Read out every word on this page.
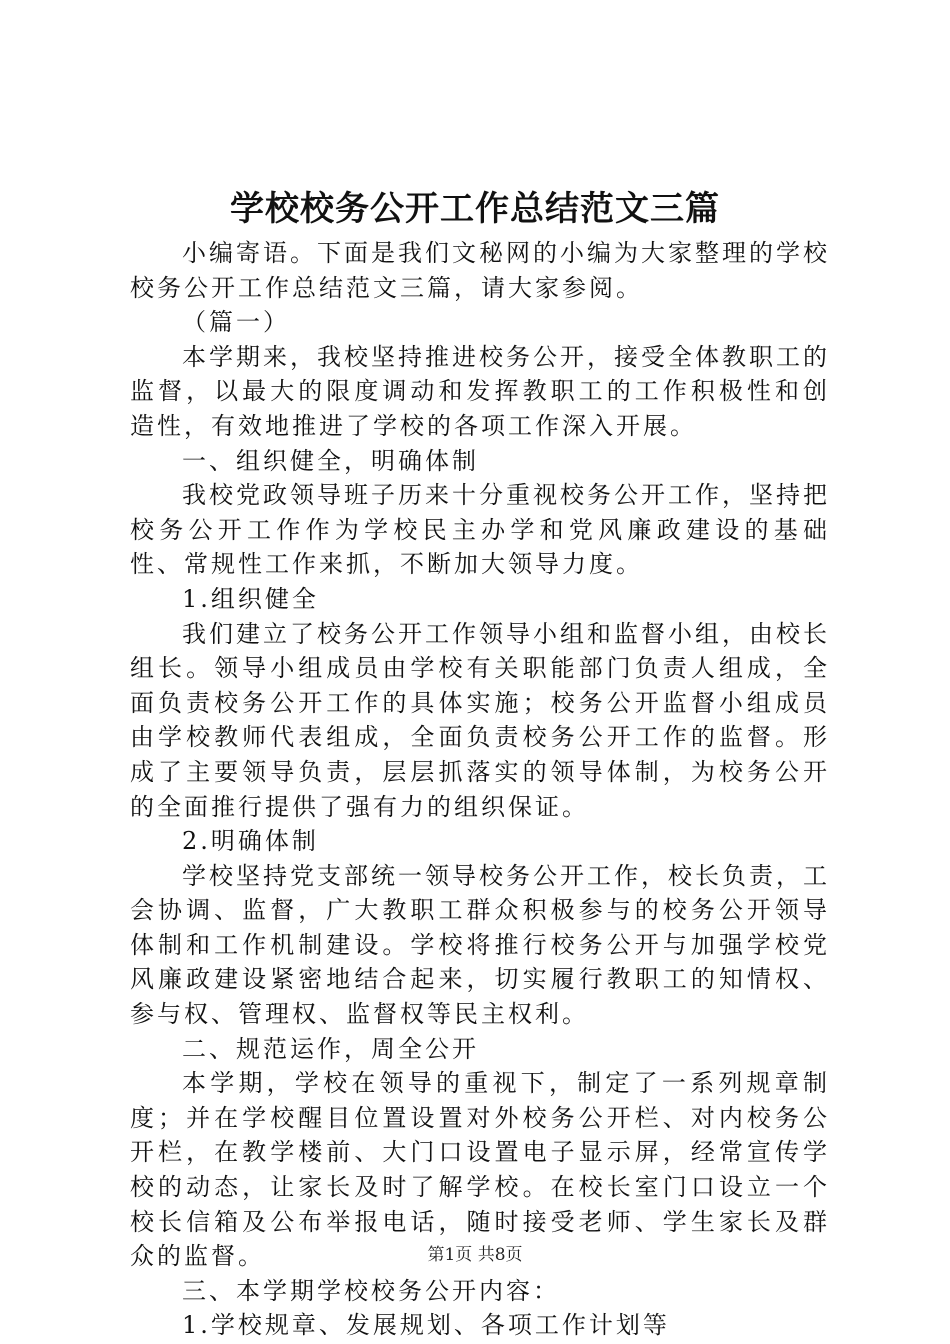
学校校务公开工作总结范文三篇

小编寄语。下面是我们文秘网的小编为大家整理的学校校务公开工作总结范文三篇，请大家参阅。

（篇一）

本学期来，我校坚持推进校务公开，接受全体教职工的监督，以最大的限度调动和发挥教职工的工作积极性和创造性，有效地推进了学校的各项工作深入开展。

一、组织健全，明确体制

我校党政领导班子历来十分重视校务公开工作，坚持把校务公开工作作为学校民主办学和党风廉政建设的基础性、常规性工作来抓，不断加大领导力度。

1.组织健全

我们建立了校务公开工作领导小组和监督小组，由校长组长。领导小组成员由学校有关职能部门负责人组成，全面负责校务公开工作的具体实施；校务公开监督小组成员由学校教师代表组成，全面负责校务公开工作的监督。形成了主要领导负责，层层抓落实的领导体制，为校务公开的全面推行提供了强有力的组织保证。

2.明确体制

学校坚持党支部统一领导校务公开工作，校长负责，工会协调、监督，广大教职工群众积极参与的校务公开领导体制和工作机制建设。学校将推行校务公开与加强学校党风廉政建设紧密地结合起来，切实履行教职工的知情权、参与权、管理权、监督权等民主权利。

二、规范运作，周全公开

本学期，学校在领导的重视下，制定了一系列规章制度；并在学校醒目位置设置对外校务公开栏、对内校务公开栏，在教学楼前、大门口设置电子显示屏，经常宣传学校的动态，让家长及时了解学校。在校长室门口设立一个校长信箱及公布举报电话，随时接受老师、学生家长及群众的监督。

三、本学期学校校务公开内容：

1.学校规章、发展规划、各项工作计划等

第1页 共8页
